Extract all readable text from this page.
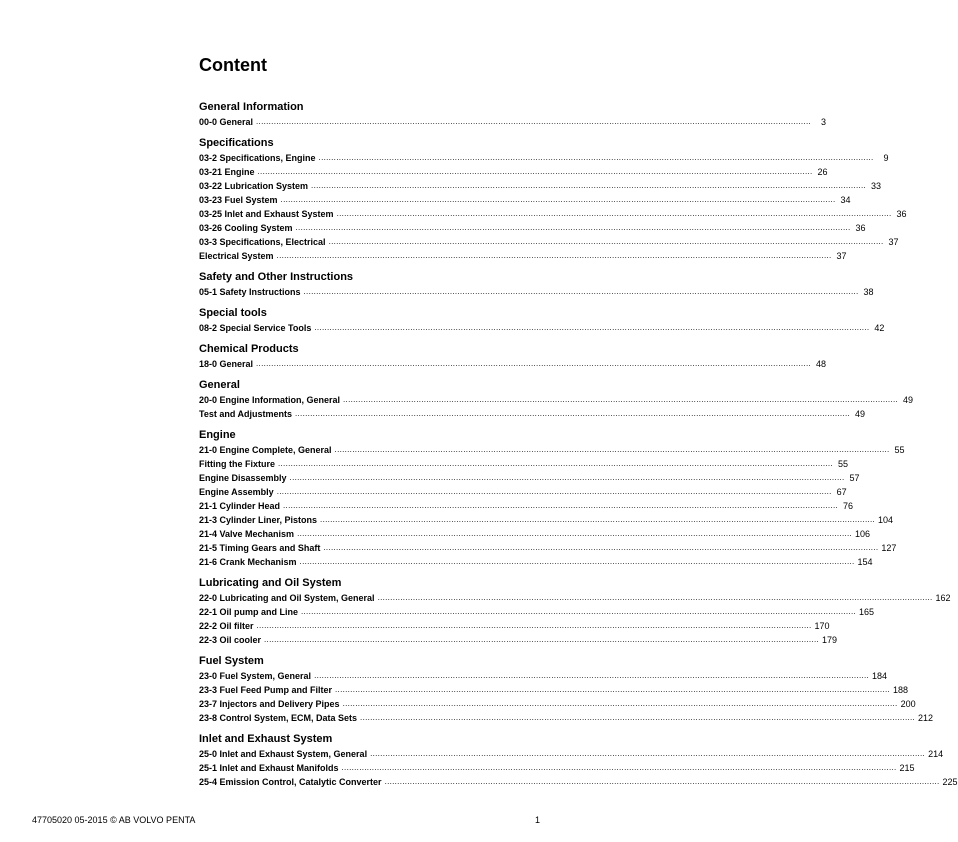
Content
General Information
00-0 General ............................................................................................................................................................................................................................	3
Specifications
03-2 Specifications, Engine ............................................................................................................................................................................................................................	9
03-21 Engine ............................................................................................................................................................................................................................ 26
03-22 Lubrication System ............................................................................................................................................................................................................................ 33
03-23 Fuel System ............................................................................................................................................................................................................................ 34
03-25 Inlet and Exhaust System ............................................................................................................................................................................................................................ 36
03-26 Cooling System ............................................................................................................................................................................................................................ 36
03-3 Specifications, Electrical ............................................................................................................................................................................................................................ 37
Electrical System ............................................................................................................................................................................................................................ 37
Safety and Other Instructions
05-1 Safety Instructions ............................................................................................................................................................................................................................ 38
Special tools
08-2 Special Service Tools ............................................................................................................................................................................................................................ 42
Chemical Products
18-0 General ............................................................................................................................................................................................................................ 48
General
20-0 Engine Information, General ............................................................................................................................................................................................................................ 49
Test and Adjustments ............................................................................................................................................................................................................................ 49
Engine
21-0 Engine Complete, General ............................................................................................................................................................................................................................ 55
Fitting the Fixture ............................................................................................................................................................................................................................ 55
Engine Disassembly ............................................................................................................................................................................................................................ 57
Engine Assembly ............................................................................................................................................................................................................................ 67
21-1 Cylinder Head ............................................................................................................................................................................................................................ 76
21-3 Cylinder Liner, Pistons ............................................................................................................................................................................................................................ 104
21-4 Valve Mechanism ............................................................................................................................................................................................................................ 106
21-5 Timing Gears and Shaft ............................................................................................................................................................................................................................ 127
21-6 Crank Mechanism ............................................................................................................................................................................................................................ 154
Lubricating and Oil System
22-0 Lubricating and Oil System, General ............................................................................................................................................................................................................................ 162
22-1 Oil pump and Line ............................................................................................................................................................................................................................ 165
22-2 Oil filter ............................................................................................................................................................................................................................ 170
22-3 Oil cooler ............................................................................................................................................................................................................................ 179
Fuel System
23-0 Fuel System, General ............................................................................................................................................................................................................................ 184
23-3 Fuel Feed Pump and Filter ............................................................................................................................................................................................................................ 188
23-7 Injectors and Delivery Pipes ............................................................................................................................................................................................................................ 200
23-8 Control System, ECM, Data Sets ............................................................................................................................................................................................................................ 212
Inlet and Exhaust System
25-0 Inlet and Exhaust System, General ............................................................................................................................................................................................................................ 214
25-1 Inlet and Exhaust Manifolds ............................................................................................................................................................................................................................ 215
25-4 Emission Control, Catalytic Converter ............................................................................................................................................................................................................................ 225
47705020 05-2015 © AB VOLVO PENTA	1
